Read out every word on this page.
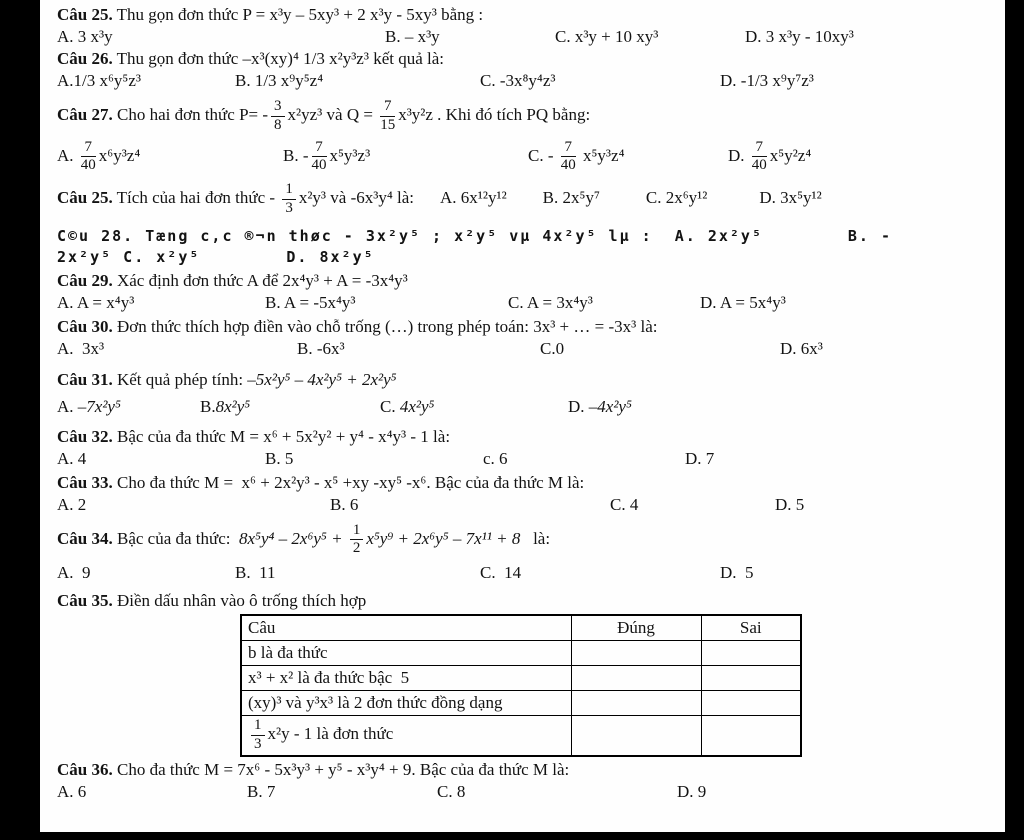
Câu 25. Thu gọn đơn thức P = x³y – 5xy³ + 2 x³y - 5xy³ bằng :
A. 3 x³y	B. – x³y	C. x³y + 10 xy³	D. 3 x³y - 10xy³
Câu 26. Thu gọn đơn thức –x³(xy)⁴ 1/3 x²y³z³ kết quả là:
A.1/3 x⁶y⁵z³	B. 1/3 x⁹y⁵z⁴	C. -3x⁸y⁴z³	D. -1/3 x⁹y⁷z³
Câu 27. Cho hai đơn thức $P= - \frac{3}{8} x^2yz^3$ và $Q = \frac{7}{15} x^3y^2z$ . Khi đó tích PQ bằng:
A. $\frac{7}{40} x^6y^3z^4$	B. - $\frac{7}{40} x^5y^3z^3$	C. - $\frac{7}{40} x^5y^3z^4$	D. $\frac{7}{40} x^5y^2z^4$
Câu 25. Tích của hai đơn thức - $\frac{1}{3} x^2y^3$ và -6x³y⁴ là: A. 6x¹²y¹² B. 2x⁵y⁷	C. 2x⁶y¹²	D. 3x⁵y¹²
C©u 28. Tæng c,c ®¬n thøc - 3x²y⁵ ; x²y⁵ vµ 4x²y⁵ lµ :  A. 2x²y⁵	B. -
2x²y⁵ C. x²y⁵	D. 8x²y⁵
Câu 29. Xác định đơn thức A để 2x⁴y³ + A = -3x⁴y³
A. A = x⁴y³	B. A = -5x⁴y³	C. A = 3x⁴y³	D. A = 5x⁴y³
Câu 30. Đơn thức thích hợp điền vào chỗ trống (…) trong phép toán: 3x³ + … = -3x³ là:
A.  3x³	B. -6x³	C.0	D. 6x³
Câu 31. Kết quả phép tính: –5x²y⁵ – 4x²y⁵ + 2x²y⁵
A. –7x²y⁵	B.8x²y⁵	C. 4x²y⁵	D. –4x²y⁵
Câu 32. Bậc của đa thức M = x⁶ + 5x²y² + y⁴ - x⁴y³ - 1 là:
A. 4	B. 5	c. 6	D. 7
Câu 33. Cho đa thức M =  x⁶ + 2x²y³ - x⁵ +xy -xy⁵ -x⁶. Bậc của đa thức M là:
A. 2	B. 6	C. 4	D. 5
Câu 34. Bậc của đa thức:  $8x^5y^4 - 2x^6y^5 + \frac{1}{2} x^5y^9 + 2x^6y^5 - 7x^{11} + 8$   là:
A.  9	B.  11	C.  14	D.  5
Câu 35. Điền dấu nhân vào ô trống thích hợp
Câu	Đúng	Sai
b là đa thức		
x³ + x² là đa thức bậc  5		
(xy)³ và y³x³ là 2 đơn thức đồng dạng		

$\frac{1}{3} x^2y - 1$ là đơn thức		
Câu 36. Cho đa thức M = 7x⁶ - 5x³y³ + y⁵ - x³y⁴ + 9. Bậc của đa thức M là:
A. 6	B. 7	C. 8	D. 9
